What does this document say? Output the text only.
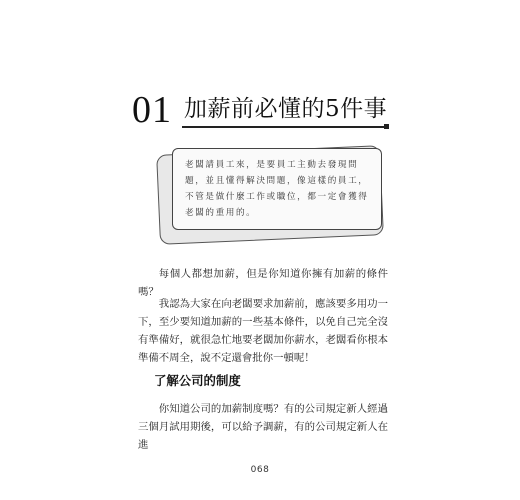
01 加薪前必懂的5件事

老闆請員工來，是要員工主動去發現問題，並且懂得解決問題，像這樣的員工，不管是做什麼工作或職位，都一定會獲得老闆的重用的。

每個人都想加薪，但是你知道你擁有加薪的條件嗎？

我認為大家在向老闆要求加薪前，應該要多用功一下，至少要知道加薪的一些基本條件，以免自己完全沒有準備好，就很急忙地要老闆加你薪水，老闆看你根本準備不周全，說不定還會批你一頓呢！

了解公司的制度

你知道公司的加薪制度嗎？有的公司規定新人經過三個月試用期後，可以給予調薪，有的公司規定新人在進

068
